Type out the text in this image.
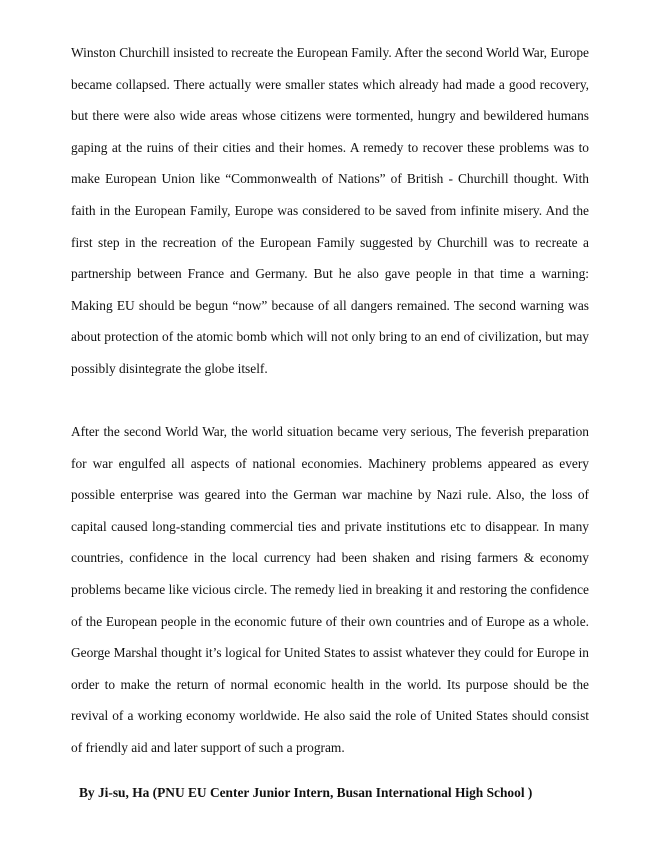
Winston Churchill insisted to recreate the European Family. After the second World War, Europe became collapsed. There actually were smaller states which already had made a good recovery, but there were also wide areas whose citizens were tormented, hungry and bewildered humans gaping at the ruins of their cities and their homes. A remedy to recover these problems was to make European Union like “Commonwealth of Nations” of British - Churchill thought. With faith in the European Family, Europe was considered to be saved from infinite misery. And the first step in the recreation of the European Family suggested by Churchill was to recreate a partnership between France and Germany. But he also gave people in that time a warning: Making EU should be begun “now” because of all dangers remained. The second warning was about protection of the atomic bomb which will not only bring to an end of civilization, but may possibly disintegrate the globe itself.

After the second World War, the world situation became very serious, The feverish preparation for war engulfed all aspects of national economies. Machinery problems appeared as every possible enterprise was geared into the German war machine by Nazi rule. Also, the loss of capital caused long-standing commercial ties and private institutions etc to disappear. In many countries, confidence in the local currency had been shaken and rising farmers & economy problems became like vicious circle. The remedy lied in breaking it and restoring the confidence of the European people in the economic future of their own countries and of Europe as a whole. George Marshal thought it’s logical for United States to assist whatever they could for Europe in order to make the return of normal economic health in the world. Its purpose should be the revival of a working economy worldwide. He also said the role of United States should consist of friendly aid and later support of such a program.

By Ji-su, Ha (PNU EU Center Junior Intern, Busan International High School )
